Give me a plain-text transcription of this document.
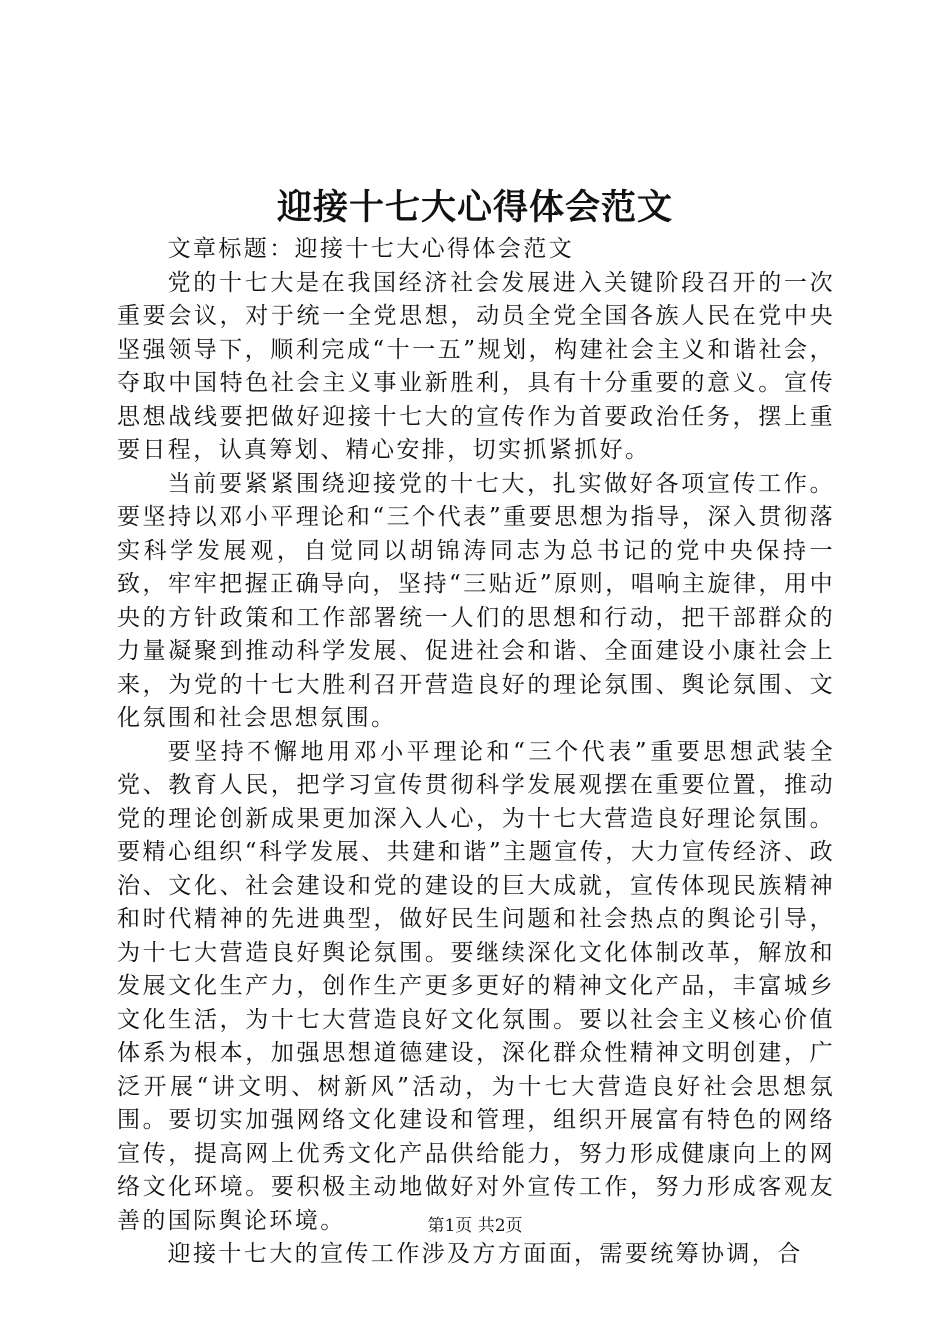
迎接十七大心得体会范文

文章标题：迎接十七大心得体会范文

党的十七大是在我国经济社会发展进入关键阶段召开的一次重要会议，对于统一全党思想，动员全党全国各族人民在党中央坚强领导下，顺利完成“十一五”规划，构建社会主义和谐社会，夺取中国特色社会主义事业新胜利，具有十分重要的意义。宣传思想战线要把做好迎接十七大的宣传作为首要政治任务，摆上重要日程，认真筹划、精心安排，切实抓紧抓好。

当前要紧紧围绕迎接党的十七大，扎实做好各项宣传工作。要坚持以邓小平理论和“三个代表”重要思想为指导，深入贯彻落实科学发展观，自觉同以胡锦涛同志为总书记的党中央保持一致，牢牢把握正确导向，坚持“三贴近”原则，唱响主旋律，用中央的方针政策和工作部署统一人们的思想和行动，把干部群众的力量凝聚到推动科学发展、促进社会和谐、全面建设小康社会上来，为党的十七大胜利召开营造良好的理论氛围、舆论氛围、文化氛围和社会思想氛围。

要坚持不懈地用邓小平理论和“三个代表”重要思想武装全党、教育人民，把学习宣传贯彻科学发展观摆在重要位置，推动党的理论创新成果更加深入人心，为十七大营造良好理论氛围。要精心组织“科学发展、共建和谐”主题宣传，大力宣传经济、政治、文化、社会建设和党的建设的巨大成就，宣传体现民族精神和时代精神的先进典型，做好民生问题和社会热点的舆论引导，为十七大营造良好舆论氛围。要继续深化文化体制改革，解放和发展文化生产力，创作生产更多更好的精神文化产品，丰富城乡文化生活，为十七大营造良好文化氛围。要以社会主义核心价值体系为根本，加强思想道德建设，深化群众性精神文明创建，广泛开展“讲文明、树新风”活动，为十七大营造良好社会思想氛围。要切实加强网络文化建设和管理，组织开展富有特色的网络宣传，提高网上优秀文化产品供给能力，努力形成健康向上的网络文化环境。要积极主动地做好对外宣传工作，努力形成客观友善的国际舆论环境。

迎接十七大的宣传工作涉及方方面面，需要统筹协调，合

第1页 共2页
